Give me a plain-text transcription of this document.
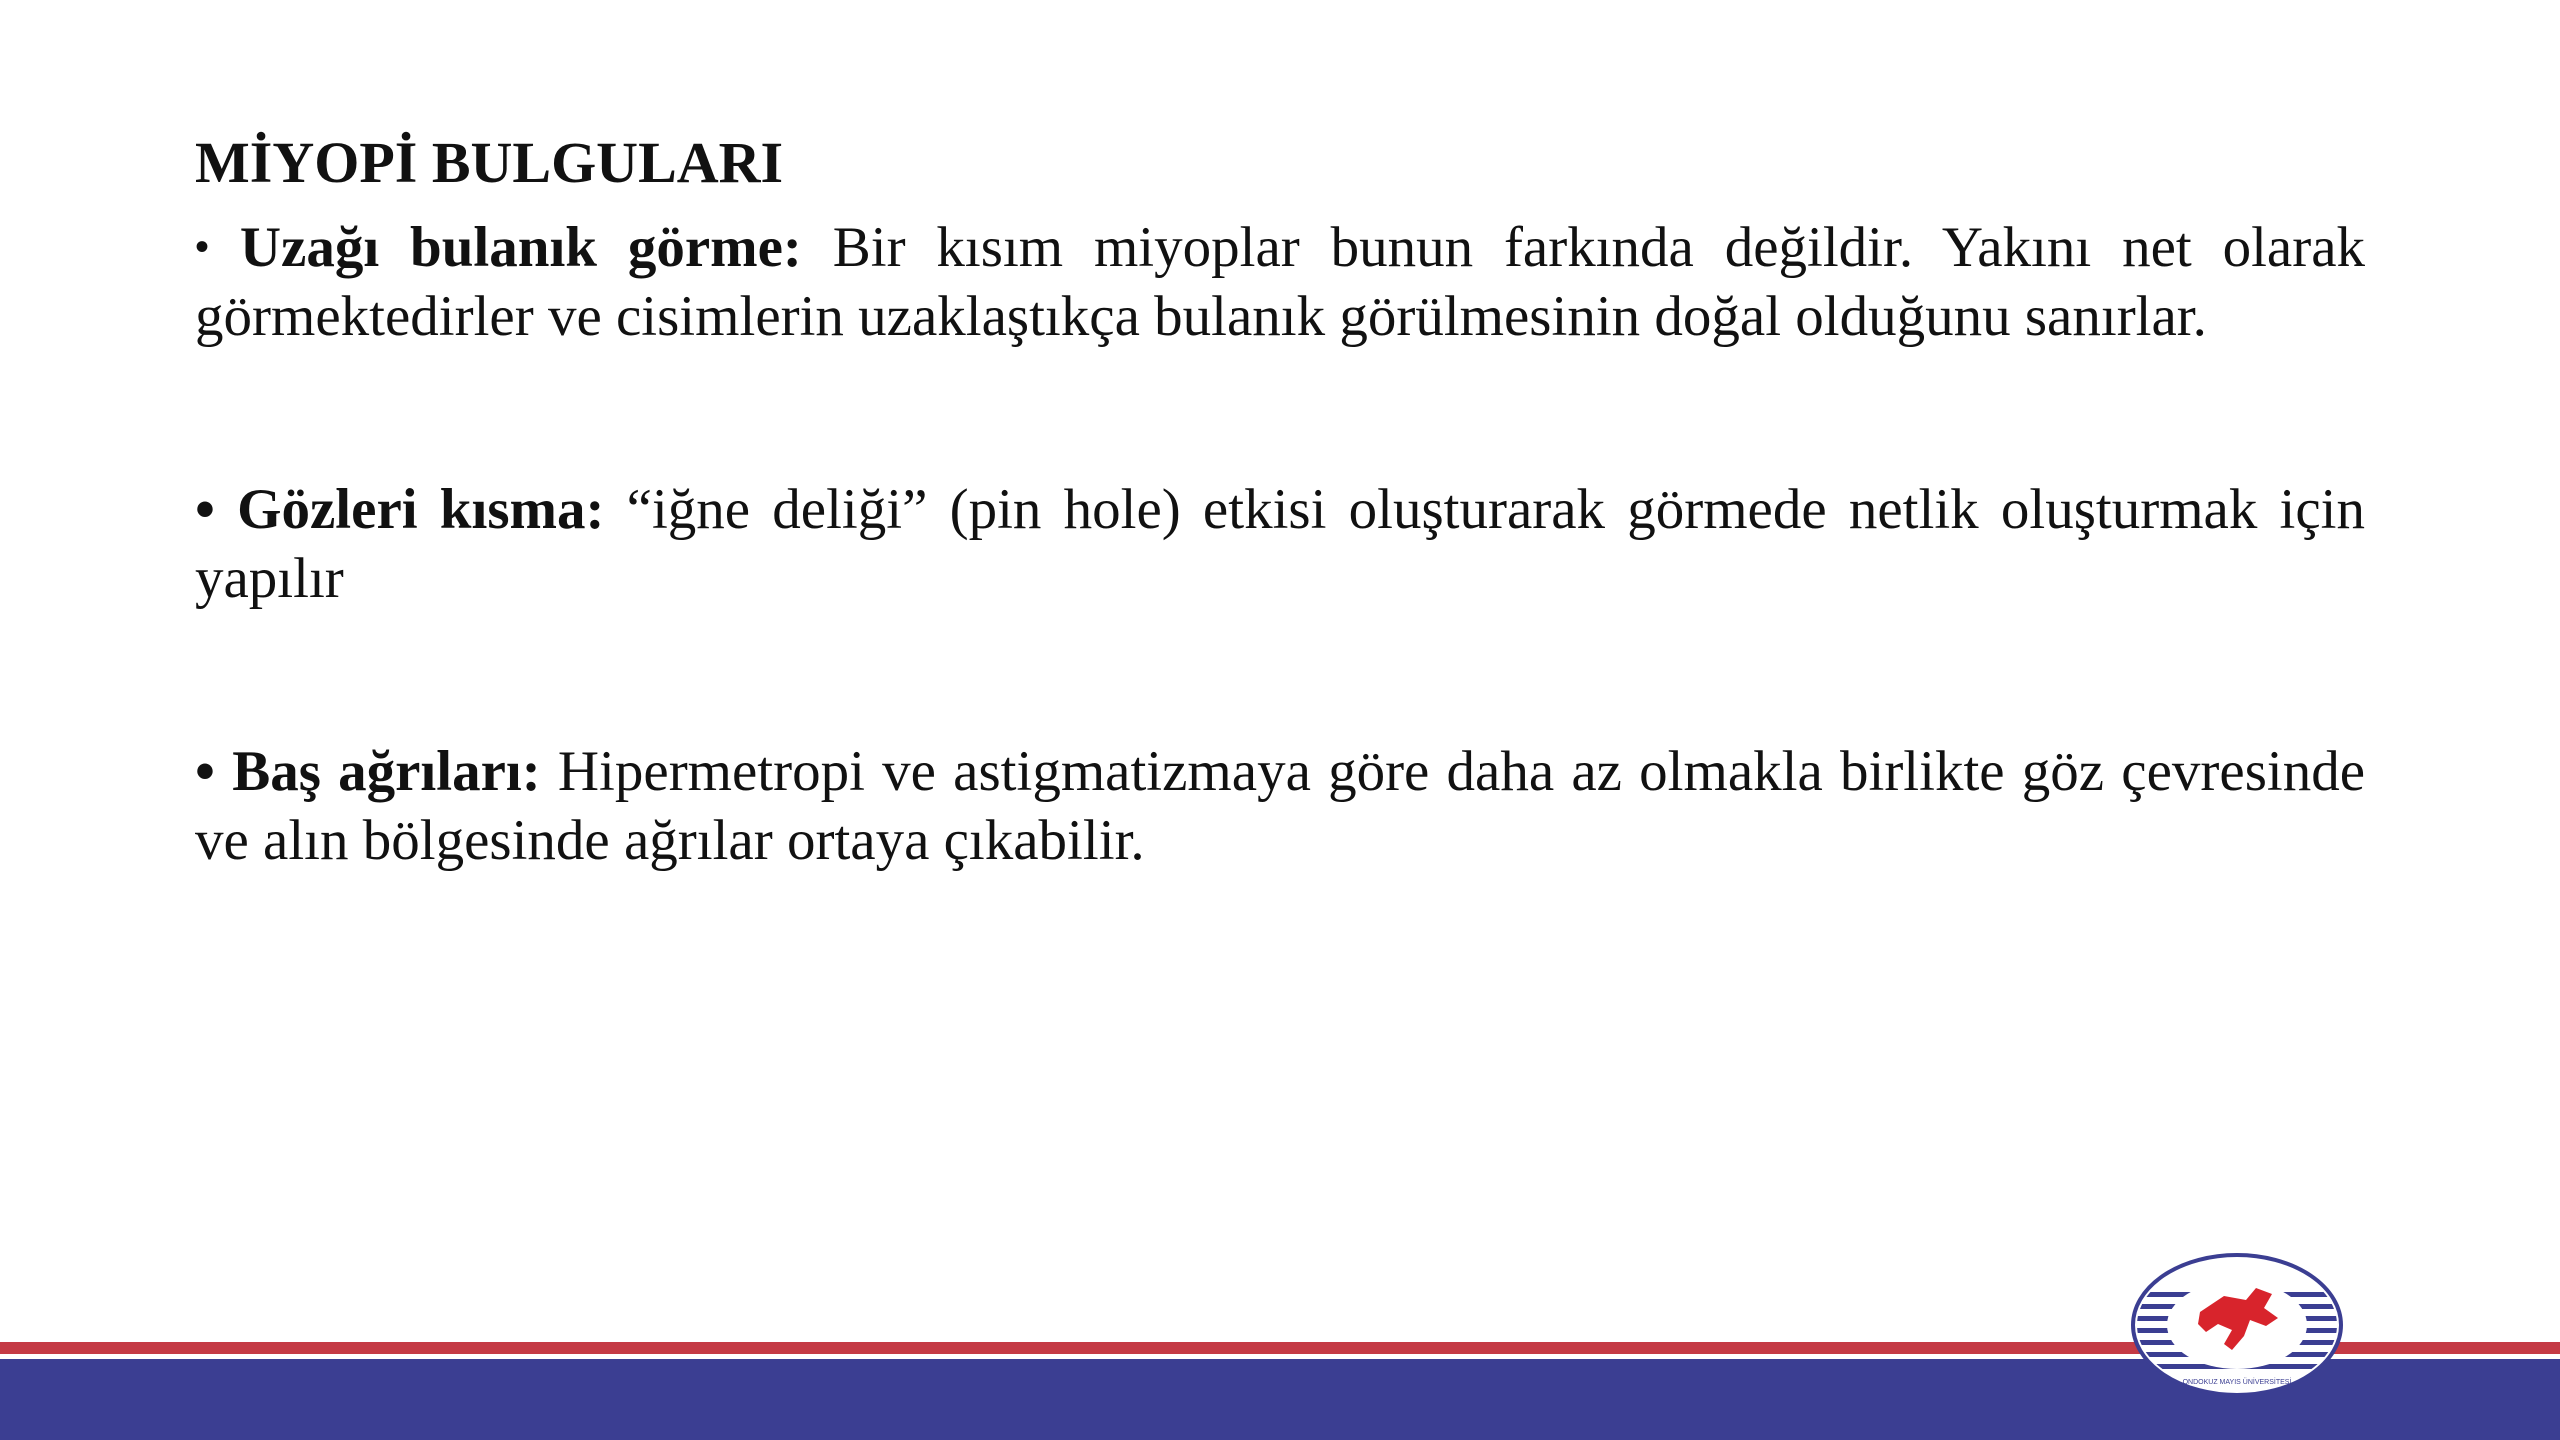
MİYOPİ BULGULARI

• Uzağı bulanık görme: Bir kısım miyoplar bunun farkında değildir. Yakını net olarak görmektedirler ve cisimlerin uzaklaştıkça bulanık görülmesinin doğal olduğunu sanırlar.

• Gözleri kısma: “iğne deliği” (pin hole) etkisi oluşturarak görmede netlik oluşturmak için yapılır

• Baş ağrıları: Hipermetropi ve astigmatizmaya göre daha az olmakla birlikte göz çevresinde ve alın bölgesinde ağrılar ortaya çıkabilir.

ONDOKUZ MAYIS ÜNİVERSİTESİ
